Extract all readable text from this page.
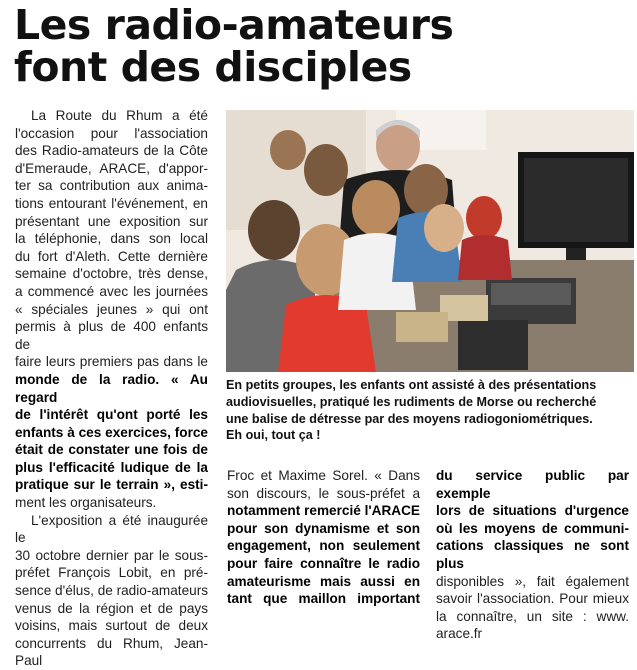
Les radio-amateurs
font des disciples

La Route du Rhum a été

l'occasion pour l'association

des Radio-amateurs de la Côte

d'Emeraude, ARACE, d'appor-

ter sa contribution aux anima-

tions entourant l'événement, en

présentant une exposition sur

la téléphonie, dans son local

du fort d'Aleth. Cette dernière

semaine d'octobre, très dense,

a commencé avec les journées

« spéciales jeunes » qui ont

permis à plus de 400 enfants de

faire leurs premiers pas dans le

monde de la radio. « Au regard

de l'intérêt qu'ont porté les

enfants à ces exercices, force

était de constater une fois de

plus l'efficacité ludique de la

pratique sur le terrain », esti-

ment les organisateurs.

L'exposition a été inaugurée le

30 octobre dernier par le sous-

préfet François Lobit, en pré-

sence d'élus, de radio-amateurs

venus de la région et de pays

voisins, mais surtout de deux

concurrents du Rhum, Jean-Paul

En petits groupes, les enfants ont assisté à des présentations
audiovisuelles, pratiqué les rudiments de Morse ou recherché
une balise de détresse par des moyens radiogoniométriques.
Eh oui, tout ça !

Froc et Maxime Sorel. « Dans

son discours, le sous-préfet a

notamment remercié l'ARACE

pour son dynamisme et son

engagement, non seulement

pour faire connaître le radio

amateurisme mais aussi en

tant que maillon important

du service public par exemple

lors de situations d'urgence

où les moyens de communi-

cations classiques ne sont plus

disponibles », fait également

savoir l'association. Pour mieux

la connaître, un site : www.

arace.fr
